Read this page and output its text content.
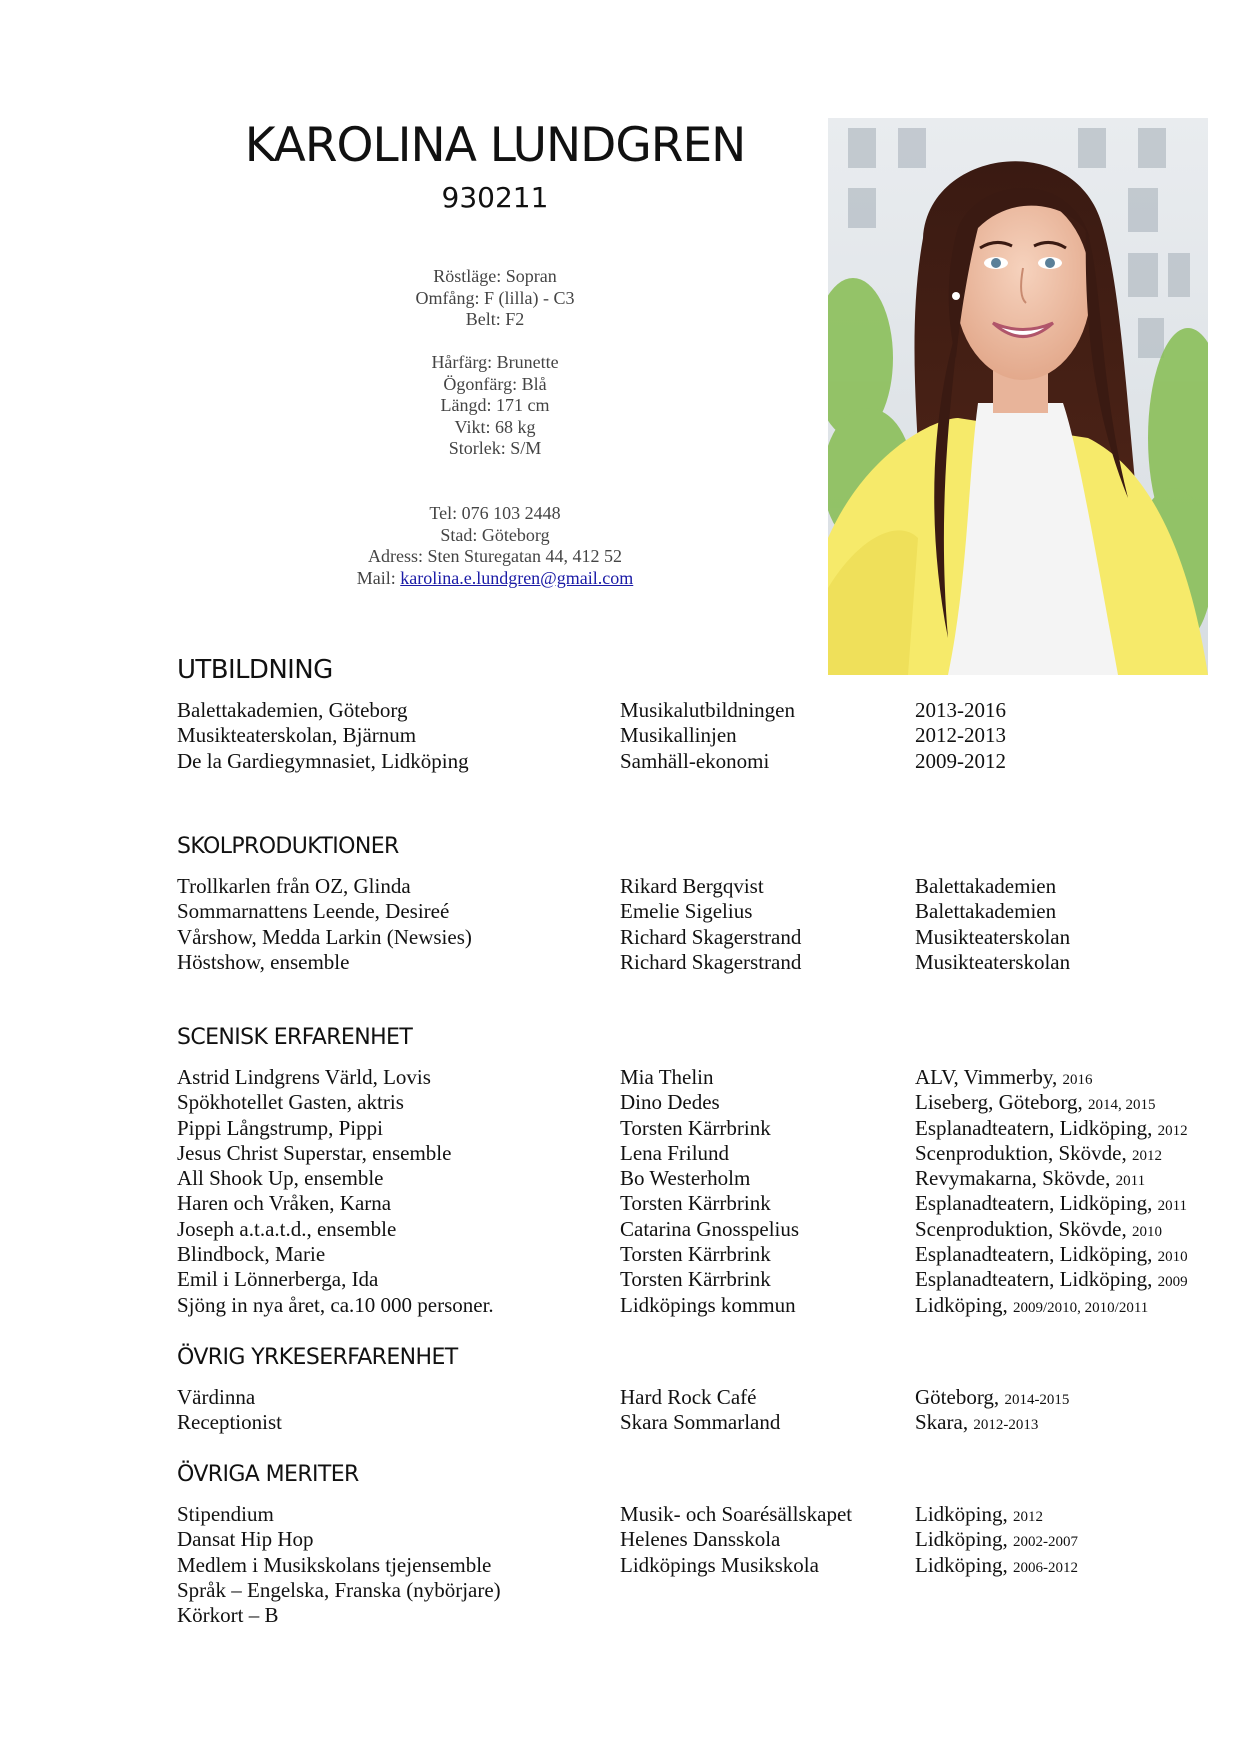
KAROLINA LUNDGREN
930211
Röstläge: Sopran
Omfång: F (lilla) - C3
Belt: F2
Hårfärg: Brunette
Ögonfärg: Blå
Längd: 171 cm
Vikt: 68 kg
Storlek: S/M
Tel: 076 103 2448
Stad: Göteborg
Adress: Sten Sturegatan 44, 412 52
Mail: karolina.e.lundgren@gmail.com
UTBILDNING
Balettakademien, Göteborg	Musikalutbildningen	2013-2016
Musikteaterskolan, Bjärnum	Musikallinjen	2012-2013
De la Gardiegymnasiet, Lidköping	Samhäll-ekonomi	2009-2012
SKOLPRODUKTIONER
Trollkarlen från OZ, Glinda	Rikard Bergqvist	Balettakademien
Sommarnattens Leende, Desireé	Emelie Sigelius	Balettakademien
Vårshow, Medda Larkin (Newsies)	Richard Skagerstrand	Musikteaterskolan
Höstshow, ensemble	Richard Skagerstrand	Musikteaterskolan
SCENISK ERFARENHET
Astrid Lindgrens Värld, Lovis	Mia Thelin	ALV, Vimmerby, 2016
Spökhotellet Gasten, aktris	Dino Dedes	Liseberg, Göteborg, 2014, 2015
Pippi Långstrump, Pippi	Torsten Kärrbrink	Esplanadteatern, Lidköping, 2012
Jesus Christ Superstar, ensemble	Lena Frilund	Scenproduktion, Skövde, 2012
All Shook Up, ensemble	Bo Westerholm	Revymakarna, Skövde, 2011
Haren och Vråken, Karna	Torsten Kärrbrink	Esplanadteatern, Lidköping, 2011
Joseph a.t.a.t.d., ensemble	Catarina Gnosspelius	Scenproduktion, Skövde, 2010
Blindbock, Marie	Torsten Kärrbrink	Esplanadteatern, Lidköping, 2010
Emil i Lönnerberga, Ida	Torsten Kärrbrink	Esplanadteatern, Lidköping, 2009
Sjöng in nya året, ca.10 000 personer.	Lidköpings kommun	Lidköping, 2009/2010, 2010/2011
ÖVRIG YRKESERFARENHET
Värdinna	Hard Rock Café	Göteborg, 2014-2015
Receptionist	Skara Sommarland	Skara, 2012-2013
ÖVRIGA MERITER
Stipendium	Musik- och Soarésällskapet	Lidköping, 2012
Dansat Hip Hop	Helenes Dansskola	Lidköping, 2002-2007
Medlem i Musikskolans tjejensemble	Lidköpings Musikskola	Lidköping, 2006-2012
Språk – Engelska, Franska (nybörjare)
Körkort – B
